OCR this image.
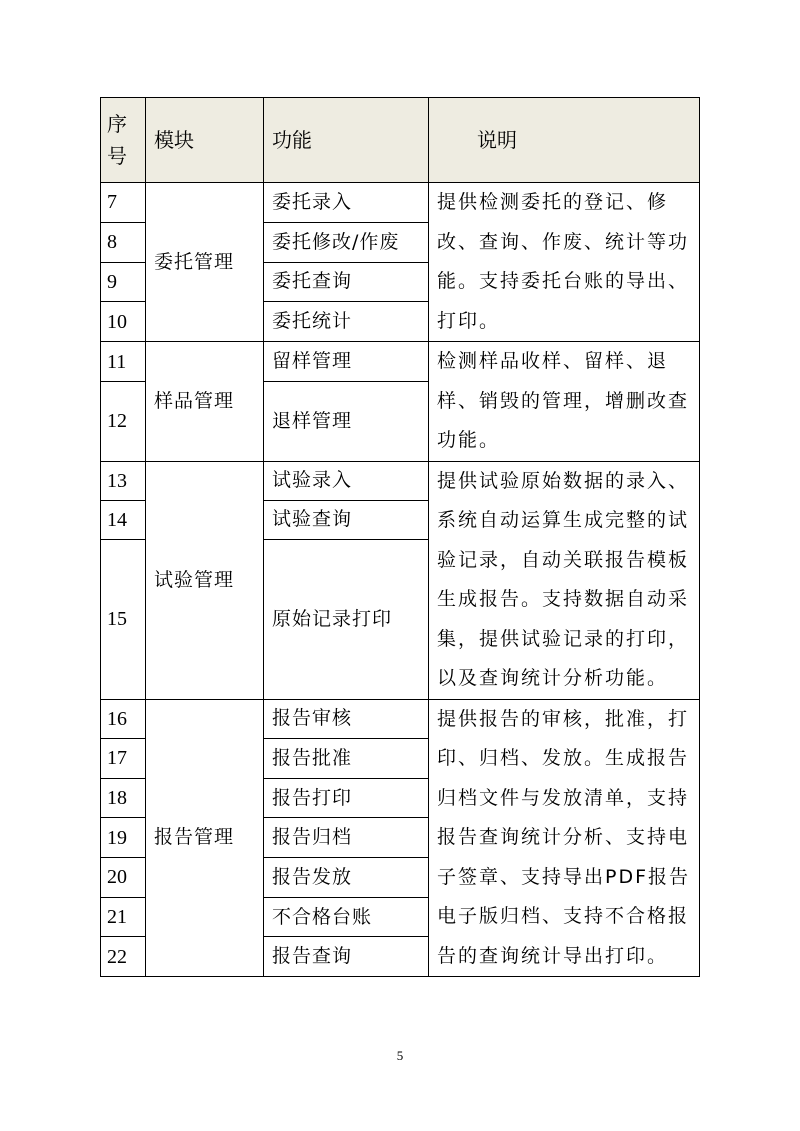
序号	模块	功能	说明
7	委托管理	委托录入	提供检测委托的登记、修改、查询、作废、统计等功能。支持委托台账的导出、打印。
8		委托修改/作废	
9		委托查询	
10		委托统计	
11	样品管理	留样管理	检测样品收样、留样、退样、销毁的管理，增删改查功能。
12		退样管理	
13	试验管理	试验录入	提供试验原始数据的录入、系统自动运算生成完整的试验记录，自动关联报告模板生成报告。支持数据自动采集，提供试验记录的打印，以及查询统计分析功能。
14		试验查询	
15		原始记录打印	
16	报告管理	报告审核	提供报告的审核，批准，打印、归档、发放。生成报告归档文件与发放清单，支持报告查询统计分析、支持电子签章、支持导出PDF报告电子版归档、支持不合格报告的查询统计导出打印。
17		报告批准	
18		报告打印	
19		报告归档	
20		报告发放	
21		不合格台账	
22		报告查询	
5
